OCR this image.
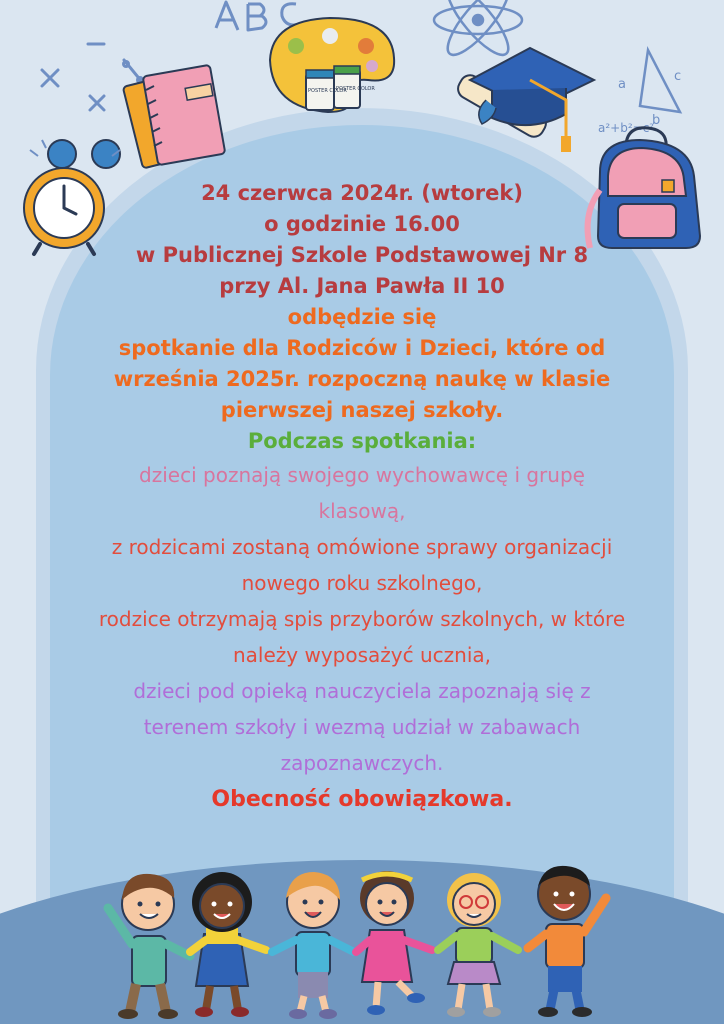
c
b
a
a²+b²=c²
POSTER COLOR
POSTER COLOR
24 czerwca 2024r. (wtorek)
o godzinie 16.00
w Publicznej Szkole Podstawowej Nr 8
przy Al. Jana Pawła II 10
odbędzie się
spotkanie dla Rodziców i Dzieci, które od
września 2025r. rozpoczną naukę w klasie
pierwszej naszej szkoły.
Podczas spotkania:
dzieci poznają swojego wychowawcę i grupę
klasową,
z rodzicami zostaną omówione sprawy organizacji
nowego roku szkolnego,
rodzice otrzymają spis przyborów szkolnych, w które
należy wyposażyć ucznia,
dzieci pod opieką nauczyciela zapoznają się z
terenem szkoły i wezmą udział w zabawach
zapoznawczych.
Obecność obowiązkowa.
